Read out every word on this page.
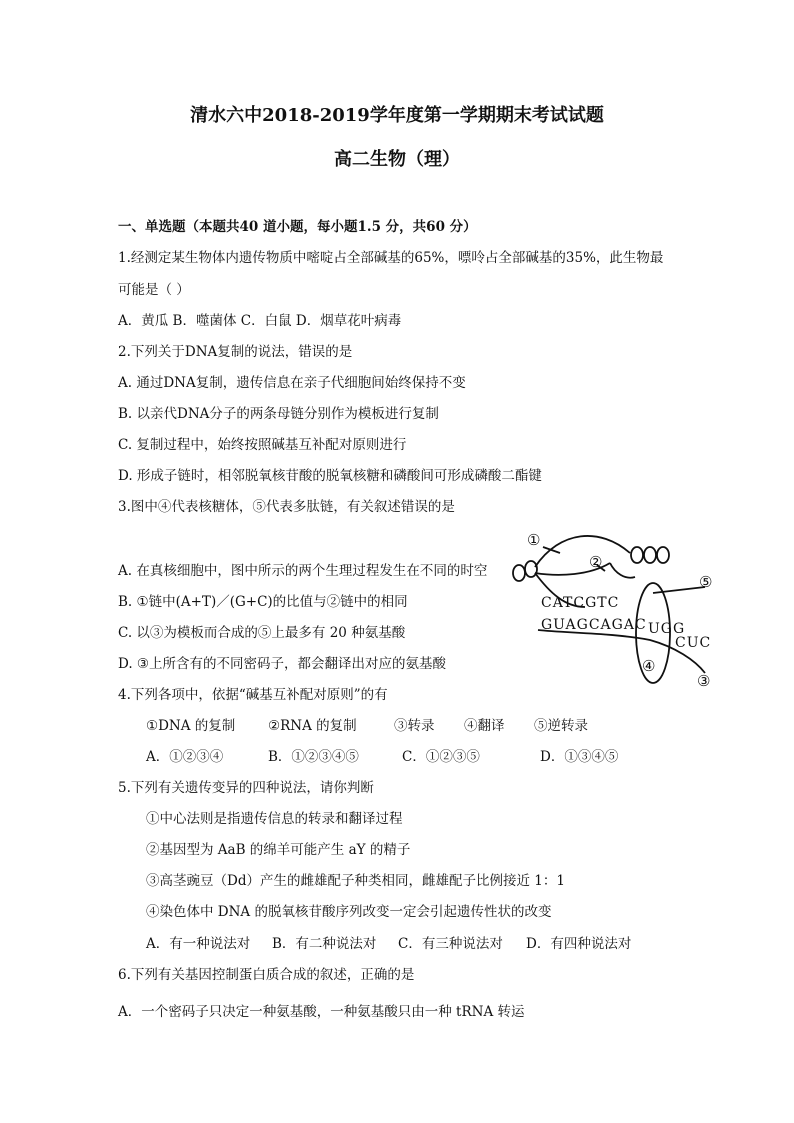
清水六中2018-2019学年度第一学期期末考试试题
高二生物（理）
一、单选题（本题共40 道小题，每小题1.5 分，共60 分）
1.经测定某生物体内遗传物质中嘧啶占全部碱基的65%，嘌呤占全部碱基的35%，此生物最
可能是（ ）
A．黄瓜 B．噬菌体 C．白鼠 D．烟草花叶病毒
2.下列关于DNA复制的说法，错误的是
A. 通过DNA复制，遗传信息在亲子代细胞间始终保持不变
B. 以亲代DNA分子的两条母链分别作为模板进行复制
C. 复制过程中，始终按照碱基互补配对原则进行
D. 形成子链时，相邻脱氧核苷酸的脱氧核糖和磷酸间可形成磷酸二酯键
3.图中④代表核糖体，⑤代表多肽链，有关叙述错误的是
A. 在真核细胞中，图中所示的两个生理过程发生在不同的时空
B. ①链中(A+T)／(G+C)的比值与②链中的相同
C. 以③为模板而合成的⑤上最多有 20 种氨基酸
D. ③上所含有的不同密码子，都会翻译出对应的氨基酸
①
②
⑤
④
③
CATCGTC
GUAGCAGAC UGG
CUC
4.下列各项中，依据“碱基互补配对原则”的有
①DNA 的复制 ②RNA 的复制	③转录 ④翻译 ⑤逆转录
A．①②③④	B．①②③④⑤	C．①②③⑤	D．①③④⑤
5.下列有关遗传变异的四种说法，请你判断
①中心法则是指遗传信息的转录和翻译过程
②基因型为 AaB 的绵羊可能产生 aY 的精子
③高茎豌豆（Dd）产生的雌雄配子种类相同，雌雄配子比例接近 1：1
④染色体中 DNA 的脱氧核苷酸序列改变一定会引起遗传性状的改变
A．有一种说法对 B．有二种说法对 C．有三种说法对 D．有四种说法对
6.下列有关基因控制蛋白质合成的叙述，正确的是
A．一个密码子只决定一种氨基酸，一种氨基酸只由一种 tRNA 转运
